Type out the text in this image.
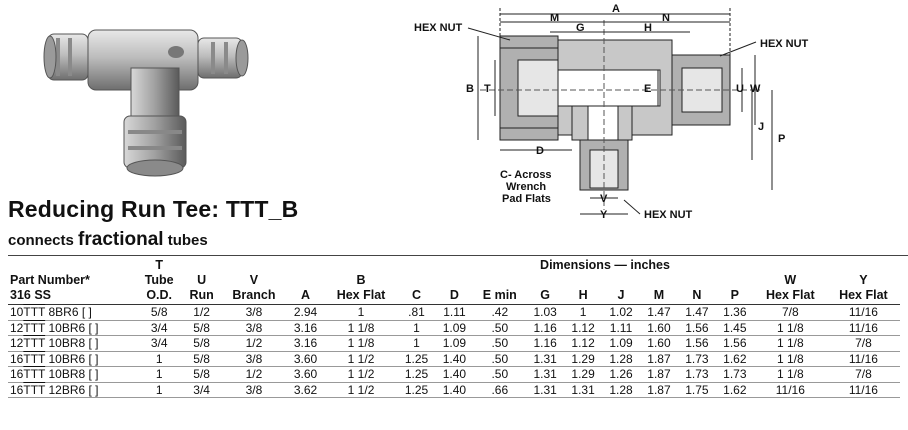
HEX NUT
HEX NUT
HEX NUT
C- Across
Wrench
Pad Flats
A
M	N
G	H
B T	E	U W
J
P
D
V
Y
Reducing Run Tee: TTT_B
connects fractional tubes
	T	Dimensions — inches														
Part Number*	Tube	U	V		B										W	Y
316 SS	O.D.	Run	Branch	A	Hex Flat	C	D	E min	G	H	J	M	N	P	Hex Flat	Hex Flat
$10\overline{TTT}$ 8BR6 [ ]	5/8	1/2	3/8	2.94	1	.81	1.11	.42	1.03	1	1.02	1.47	1.47	1.36	7/8	11/16
$12\overline{TTT}$ 10BR6 [ ]	3/4	5/8	3/8	3.16	1 1/8	1	1.09	.50	1.16	1.12	1.11	1.60	1.56	1.45	1 1/8	11/16
$12\overline{TTT}$ 10BR8 [ ]	3/4	5/8	1/2	3.16	1 1/8	1	1.09	.50	1.16	1.12	1.09	1.60	1.56	1.56	1 1/8	7/8
$16\overline{TTT}$ 10BR6 [ ]	1	5/8	3/8	3.60	1 1/2	1.25	1.40	.50	1.31	1.29	1.28	1.87	1.73	1.62	1 1/8	11/16
$16\overline{TTT}$ 10BR8 [ ]	1	5/8	1/2	3.60	1 1/2	1.25	1.40	.50	1.31	1.29	1.26	1.87	1.73	1.73	1 1/8	7/8
$16\overline{TTT}$ 12BR6 [ ]	1	3/4	3/8	3.62	1 1/2	1.25	1.40	.66	1.31	1.31	1.28	1.87	1.75	1.62	11/16	11/16
